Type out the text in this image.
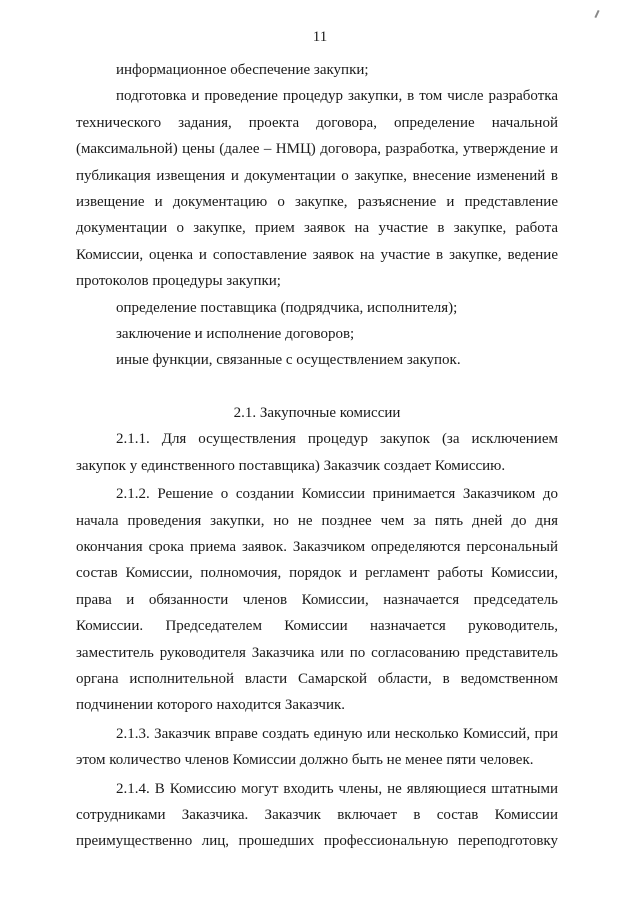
11

информационное обеспечение закупки;

подготовка и проведение процедур закупки, в том числе разработка технического задания, проекта договора, определение начальной (максимальной) цены (далее – НМЦ) договора, разработка, утверждение и публикация извещения и документации о закупке, внесение изменений в извещение и документацию о закупке, разъяснение и представление документации о закупке, прием заявок на участие в закупке, работа Комиссии, оценка и сопоставление заявок на участие в закупке, ведение протоколов процедуры закупки;

определение поставщика (подрядчика, исполнителя);

заключение и исполнение договоров;

иные функции, связанные с осуществлением закупок.

2.1. Закупочные комиссии

2.1.1. Для осуществления процедур закупок (за исключением закупок у единственного поставщика) Заказчик создает Комиссию.

2.1.2. Решение о создании Комиссии принимается Заказчиком до начала проведения закупки, но не позднее чем за пять дней до дня окончания срока приема заявок. Заказчиком определяются персональный состав Комиссии, полномочия, порядок и регламент работы Комиссии, права и обязанности членов Комиссии, назначается председатель Комиссии. Председателем Комиссии назначается руководитель, заместитель руководителя Заказчика или по согласованию представитель органа исполнительной власти Самарской области, в ведомственном подчинении которого находится Заказчик.

2.1.3. Заказчик вправе создать единую или несколько Комиссий, при этом количество членов Комиссии должно быть не менее пяти человек.

2.1.4. В Комиссию могут входить члены, не являющиеся штатными сотрудниками Заказчика. Заказчик включает в состав Комиссии преимущественно лиц, прошедших профессиональную переподготовку
